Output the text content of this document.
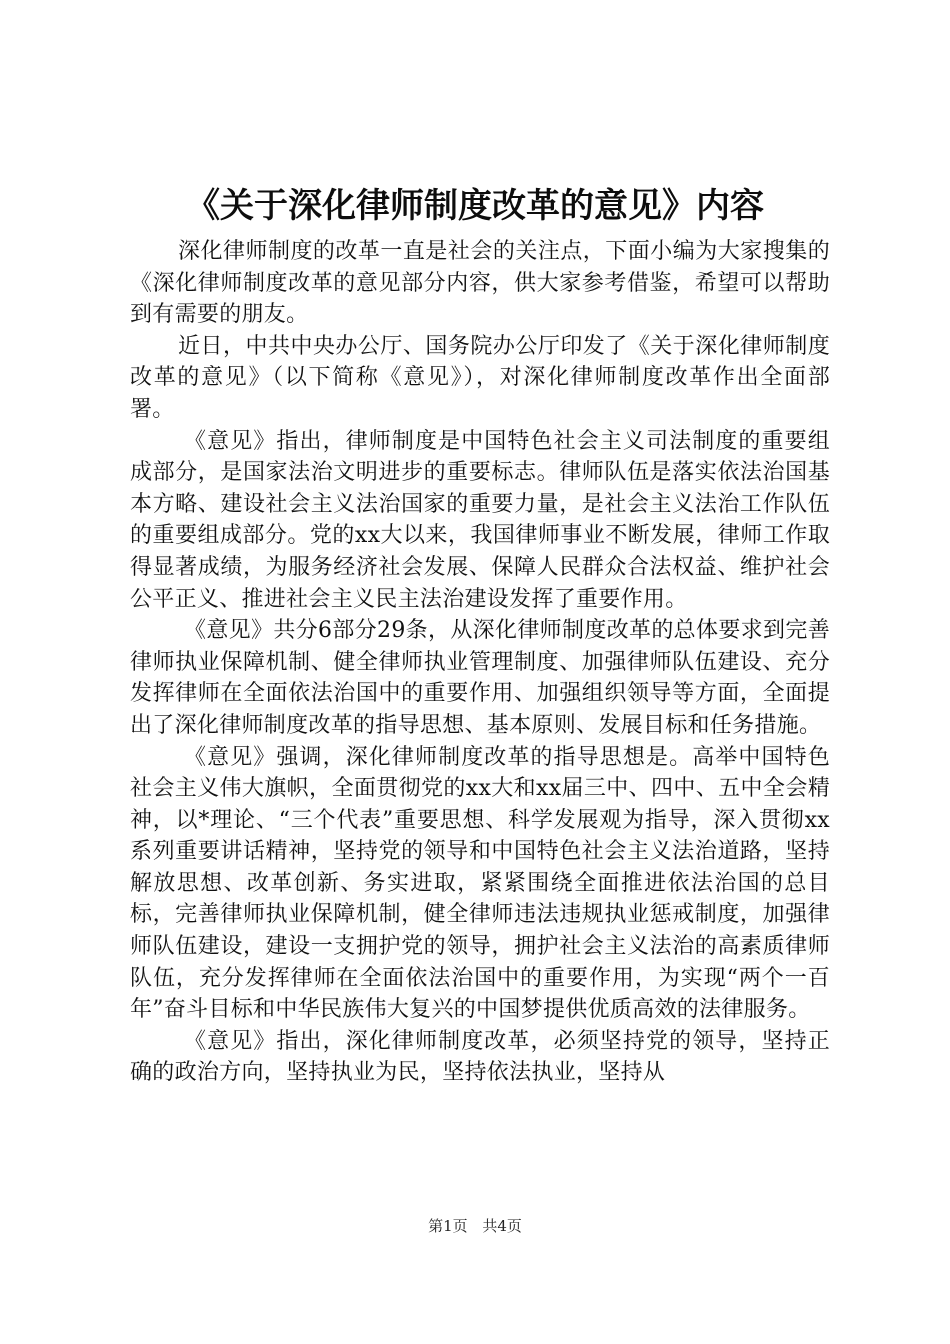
《关于深化律师制度改革的意见》内容

深化律师制度的改革一直是社会的关注点，下面小编为大家搜集的《深化律师制度改革的意见部分内容，供大家参考借鉴，希望可以帮助到有需要的朋友。

近日，中共中央办公厅、国务院办公厅印发了《关于深化律师制度改革的意见》（以下简称《意见》），对深化律师制度改革作出全面部署。

《意见》指出，律师制度是中国特色社会主义司法制度的重要组成部分，是国家法治文明进步的重要标志。律师队伍是落实依法治国基本方略、建设社会主义法治国家的重要力量，是社会主义法治工作队伍的重要组成部分。党的xx大以来，我国律师事业不断发展，律师工作取得显著成绩，为服务经济社会发展、保障人民群众合法权益、维护社会公平正义、推进社会主义民主法治建设发挥了重要作用。

《意见》共分6部分29条，从深化律师制度改革的总体要求到完善律师执业保障机制、健全律师执业管理制度、加强律师队伍建设、充分发挥律师在全面依法治国中的重要作用、加强组织领导等方面，全面提出了深化律师制度改革的指导思想、基本原则、发展目标和任务措施。

《意见》强调，深化律师制度改革的指导思想是。高举中国特色社会主义伟大旗帜，全面贯彻党的xx大和xx届三中、四中、五中全会精神，以*理论、“三个代表”重要思想、科学发展观为指导，深入贯彻xx系列重要讲话精神，坚持党的领导和中国特色社会主义法治道路，坚持解放思想、改革创新、务实进取，紧紧围绕全面推进依法治国的总目标，完善律师执业保障机制，健全律师违法违规执业惩戒制度，加强律师队伍建设，建设一支拥护党的领导，拥护社会主义法治的高素质律师队伍，充分发挥律师在全面依法治国中的重要作用，为实现“两个一百年”奋斗目标和中华民族伟大复兴的中国梦提供优质高效的法律服务。

《意见》指出，深化律师制度改革，必须坚持党的领导，坚持正确的政治方向，坚持执业为民，坚持依法执业，坚持从

第1页 共4页
